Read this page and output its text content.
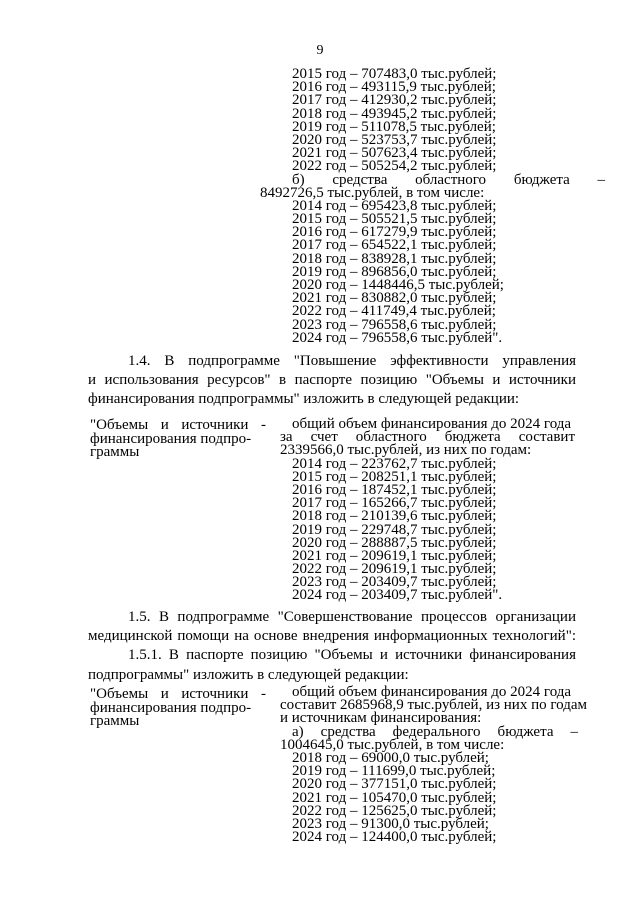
9
2015 год – 707483,0 тыс.рублей;
2016 год – 493115,9 тыс.рублей;
2017 год – 412930,2 тыс.рублей;
2018 год – 493945,2 тыс.рублей;
2019 год – 511078,5 тыс.рублей;
2020 год – 523753,7 тыс.рублей;
2021 год – 507623,4 тыс.рублей;
2022 год – 505254,2 тыс.рублей;
б) средства областного бюджета –
8492726,5 тыс.рублей, в том числе:
2014 год – 695423,8 тыс.рублей;
2015 год – 505521,5 тыс.рублей;
2016 год – 617279,9 тыс.рублей;
2017 год – 654522,1 тыс.рублей;
2018 год – 838928,1 тыс.рублей;
2019 год – 896856,0 тыс.рублей;
2020 год – 1448446,5 тыс.рублей;
2021 год – 830882,0 тыс.рублей;
2022 год – 411749,4 тыс.рублей;
2023 год – 796558,6 тыс.рублей;
2024 год – 796558,6 тыс.рублей".
1.4. В подпрограмме "Повышение эффективности управления
и использования ресурсов" в паспорте позицию "Объемы и источники
финансирования подпрограммы" изложить в следующей редакции:
"Объемы и источники -
финансирования подпро-
граммы
общий объем финансирования до 2024 года
за счет областного бюджета составит
2339566,0 тыс.рублей, из них по годам:
2014 год – 223762,7 тыс.рублей;
2015 год – 208251,1 тыс.рублей;
2016 год – 187452,1 тыс.рублей;
2017 год – 165266,7 тыс.рублей;
2018 год – 210139,6 тыс.рублей;
2019 год – 229748,7 тыс.рублей;
2020 год – 288887,5 тыс.рублей;
2021 год – 209619,1 тыс.рублей;
2022 год – 209619,1 тыс.рублей;
2023 год – 203409,7 тыс.рублей;
2024 год – 203409,7 тыс.рублей".
1.5. В подпрограмме "Совершенствование процессов организации
медицинской помощи на основе внедрения информационных технологий":
1.5.1. В паспорте позицию "Объемы и источники финансирования
подпрограммы" изложить в следующей редакции:
"Объемы и источники -
финансирования подпро-
граммы
общий объем финансирования до 2024 года
составит 2685968,9 тыс.рублей, из них по годам
и источникам финансирования:
а) средства федерального бюджета –
1004645,0 тыс.рублей, в том числе:
2018 год – 69000,0 тыс.рублей;
2019 год – 111699,0 тыс.рублей;
2020 год – 377151,0 тыс.рублей;
2021 год – 105470,0 тыс.рублей;
2022 год – 125625,0 тыс.рублей;
2023 год – 91300,0 тыс.рублей;
2024 год – 124400,0 тыс.рублей;
